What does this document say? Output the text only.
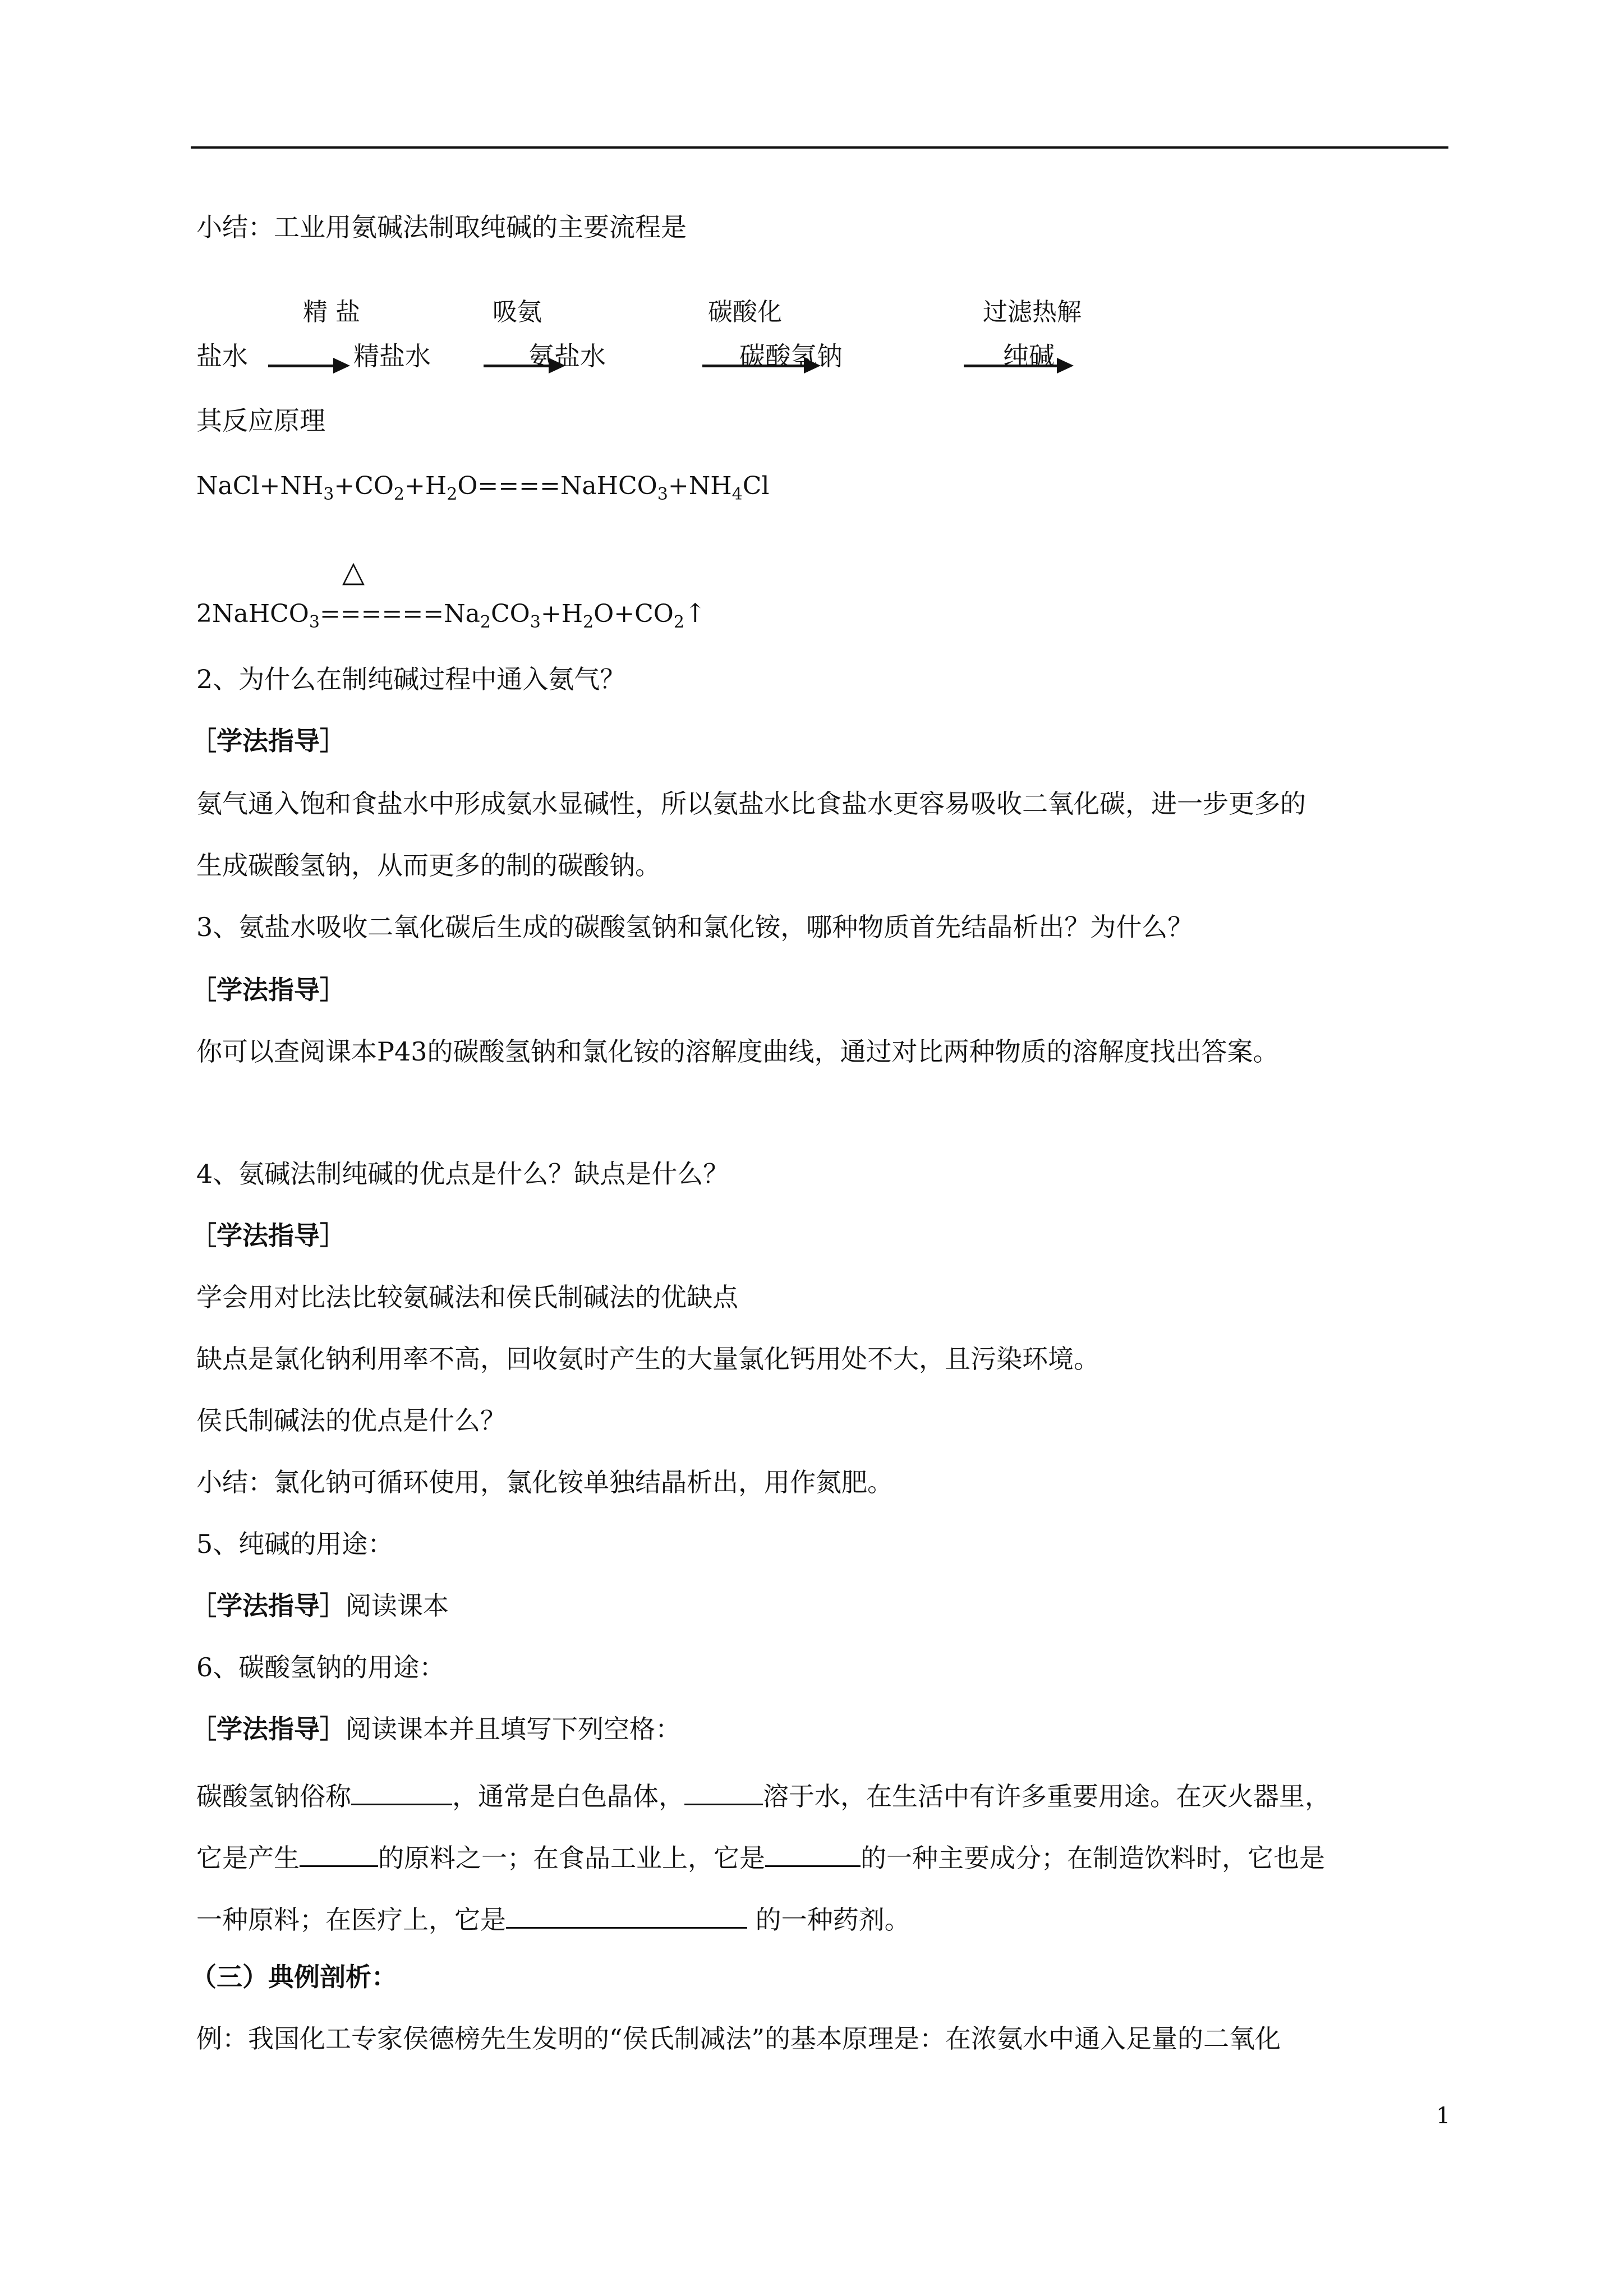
小结：工业用氨碱法制取纯碱的主要流程是
精 盐	吸氨	碳酸化	过滤热解
盐水	精盐水	氨盐水	碳酸氢钠	纯碱
其反应原理
$NaCl+NH_3+CO_2+H_2O====NaHCO_3+NH_4Cl$
△
$2NaHCO_3======Na_2CO_3+H_2O+CO_2↑$
2、为什么在制纯碱过程中通入氨气？
［学法指导］
氨气通入饱和食盐水中形成氨水显碱性，所以氨盐水比食盐水更容易吸收二氧化碳，进一步更多的
生成碳酸氢钠，从而更多的制的碳酸钠。
3、氨盐水吸收二氧化碳后生成的碳酸氢钠和氯化铵，哪种物质首先结晶析出？为什么？
［学法指导］
你可以查阅课本P43的碳酸氢钠和氯化铵的溶解度曲线，通过对比两种物质的溶解度找出答案。
4、氨碱法制纯碱的优点是什么？缺点是什么？
［学法指导］
学会用对比法比较氨碱法和侯氏制碱法的优缺点
缺点是氯化钠利用率不高，回收氨时产生的大量氯化钙用处不大，且污染环境。
侯氏制碱法的优点是什么？
小结：氯化钠可循环使用，氯化铵单独结晶析出，用作氮肥。
5、纯碱的用途：
［学法指导］阅读课本
6、碳酸氢钠的用途：
［学法指导］阅读课本并且填写下列空格：
碳酸氢钠俗称	，通常是白色晶体，	溶于水，在生活中有许多重要用途。在灭火器里，
它是产生	的原料之一；在食品工业上，它是	的一种主要成分；在制造饮料时，它也是
一种原料；在医疗上，它是	的一种药剂。
（三）典例剖析：
例：我国化工专家侯德榜先生发明的“侯氏制减法”的基本原理是：在浓氨水中通入足量的二氧化
1
